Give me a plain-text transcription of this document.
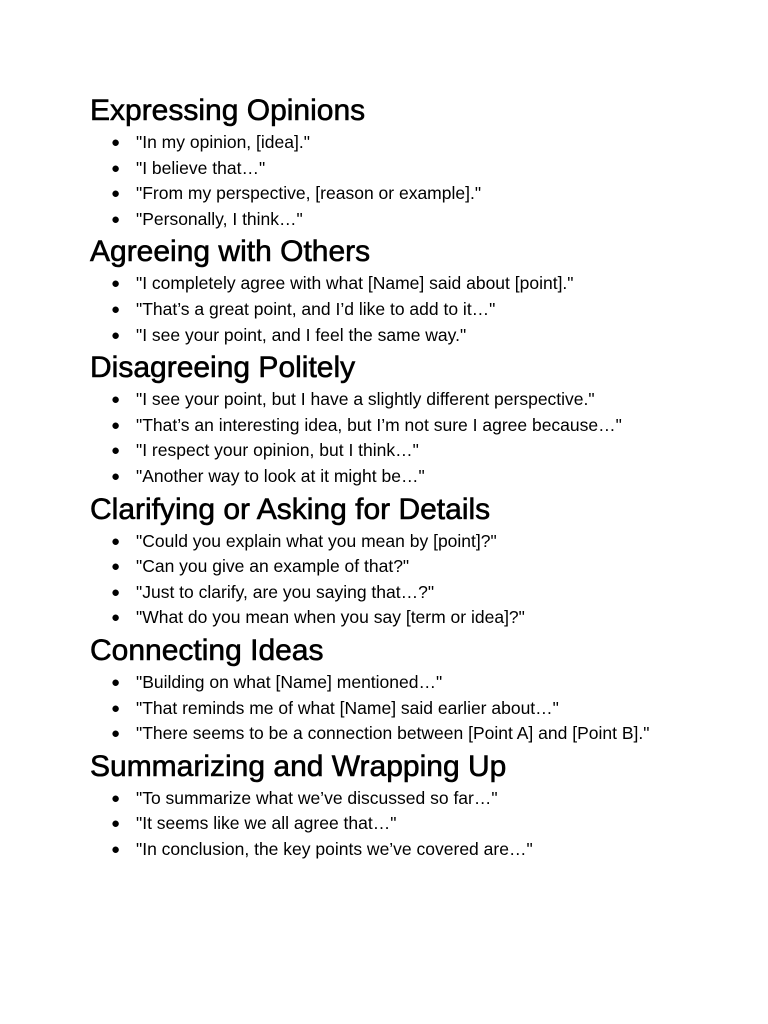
Expressing Opinions
● "In my opinion, [idea]."
● "I believe that…"
● "From my perspective, [reason or example]."
● "Personally, I think…"
Agreeing with Others
● "I completely agree with what [Name] said about [point]."
● "That’s a great point, and I’d like to add to it…"
● "I see your point, and I feel the same way."
Disagreeing Politely
● "I see your point, but I have a slightly different perspective."
● "That’s an interesting idea, but I’m not sure I agree because…"
● "I respect your opinion, but I think…"
● "Another way to look at it might be…"
Clarifying or Asking for Details
● "Could you explain what you mean by [point]?"
● "Can you give an example of that?"
● "Just to clarify, are you saying that…?"
● "What do you mean when you say [term or idea]?"
Connecting Ideas
● "Building on what [Name] mentioned…"
● "That reminds me of what [Name] said earlier about…"
● "There seems to be a connection between [Point A] and [Point B]."
Summarizing and Wrapping Up
● "To summarize what we’ve discussed so far…"
● "It seems like we all agree that…"
● "In conclusion, the key points we’ve covered are…"
